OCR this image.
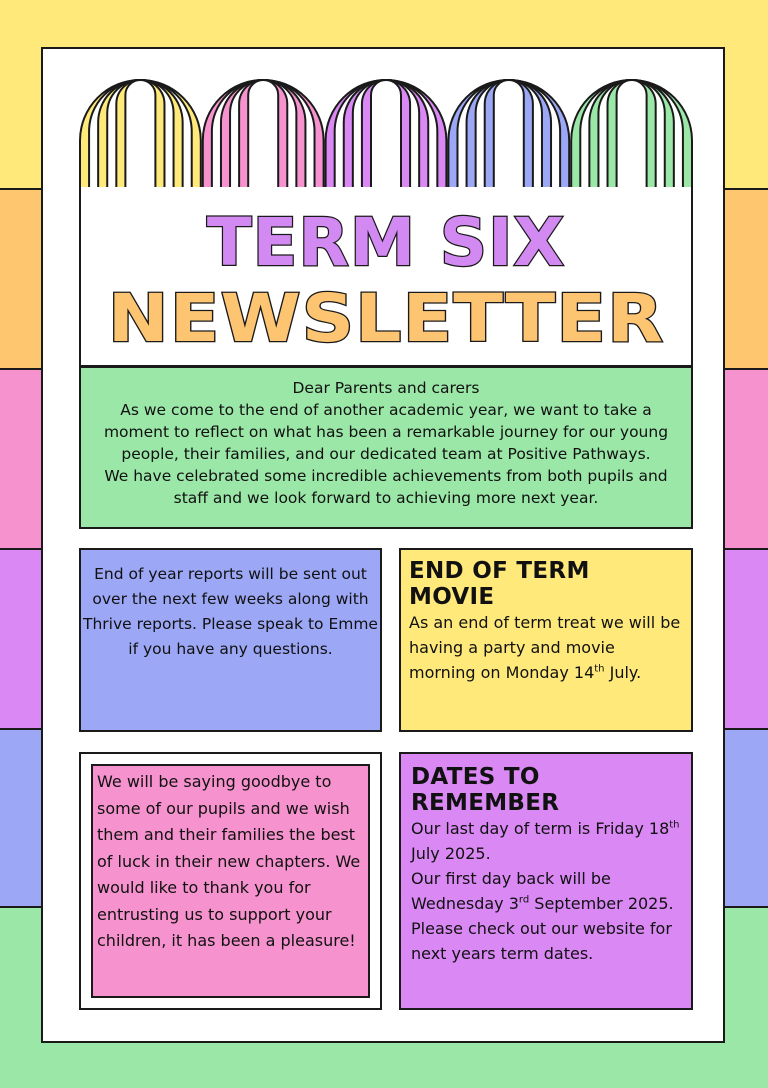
TERM SIX
NEWSLETTER
Dear Parents and carers
As we come to the end of another academic year, we want to take a moment to reflect on what has been a remarkable journey for our young people, their families, and our dedicated team at Positive Pathways.
We have celebrated some incredible achievements from both pupils and staff and we look forward to achieving more next year.

End of year reports will be sent out over the next few weeks along with Thrive reports. Please speak to Emme if you have any questions.

END OF TERM MOVIE

As an end of term treat we will be having a party and movie morning on Monday 14th July.

We will be saying goodbye to some of our pupils and we wish them and their families the best of luck in their new chapters. We would like to thank you for entrusting us to support your children, it has been a pleasure!

DATES TO REMEMBER

Our last day of term is Friday 18th July 2025.

Our first day back will be Wednesday 3rd September 2025.

Please check out our website for next years term dates.
